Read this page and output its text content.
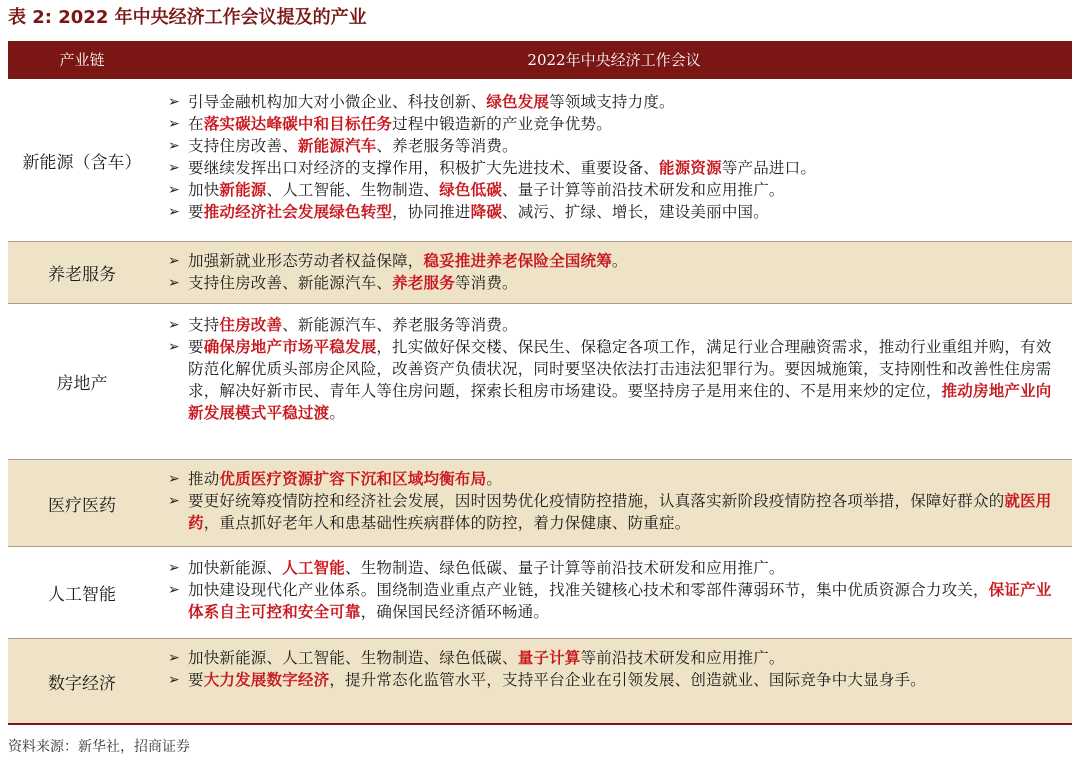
表 2: 2022 年中央经济工作会议提及的产业
产业链	2022年中央经济工作会议
新能源（含车）
➢ 引导金融机构加大对小微企业、科技创新、绿色发展等领域支持力度。
➢ 在落实碳达峰碳中和目标任务过程中锻造新的产业竞争优势。
➢ 支持住房改善、新能源汽车、养老服务等消费。
➢ 要继续发挥出口对经济的支撑作用，积极扩大先进技术、重要设备、能源资源等产品进口。
➢ 加快新能源、人工智能、生物制造、绿色低碳、量子计算等前沿技术研发和应用推广。
➢ 要推动经济社会发展绿色转型，协同推进降碳、减污、扩绿、增长，建设美丽中国。
养老服务
➢ 加强新就业形态劳动者权益保障，稳妥推进养老保险全国统筹。
➢ 支持住房改善、新能源汽车、养老服务等消费。
房地产
➢ 支持住房改善、新能源汽车、养老服务等消费。
➢ 要确保房地产市场平稳发展，扎实做好保交楼、保民生、保稳定各项工作，满足行业合理融资需求，推动行业重组并购，有效防范化解优质头部房企风险，改善资产负债状况，同时要坚决依法打击违法犯罪行为。要因城施策，支持刚性和改善性住房需求，解决好新市民、青年人等住房问题，探索长租房市场建设。要坚持房子是用来住的、不是用来炒的定位，推动房地产业向新发展模式平稳过渡。
医疗医药
➢ 推动优质医疗资源扩容下沉和区域均衡布局。
➢ 要更好统筹疫情防控和经济社会发展，因时因势优化疫情防控措施，认真落实新阶段疫情防控各项举措，保障好群众的就医用药，重点抓好老年人和患基础性疾病群体的防控，着力保健康、防重症。
人工智能
➢ 加快新能源、人工智能、生物制造、绿色低碳、量子计算等前沿技术研发和应用推广。
➢ 加快建设现代化产业体系。围绕制造业重点产业链，找准关键核心技术和零部件薄弱环节，集中优质资源合力攻关，保证产业体系自主可控和安全可靠，确保国民经济循环畅通。
数字经济
➢ 加快新能源、人工智能、生物制造、绿色低碳、量子计算等前沿技术研发和应用推广。
➢ 要大力发展数字经济，提升常态化监管水平，支持平台企业在引领发展、创造就业、国际竞争中大显身手。
资料来源：新华社，招商证券
